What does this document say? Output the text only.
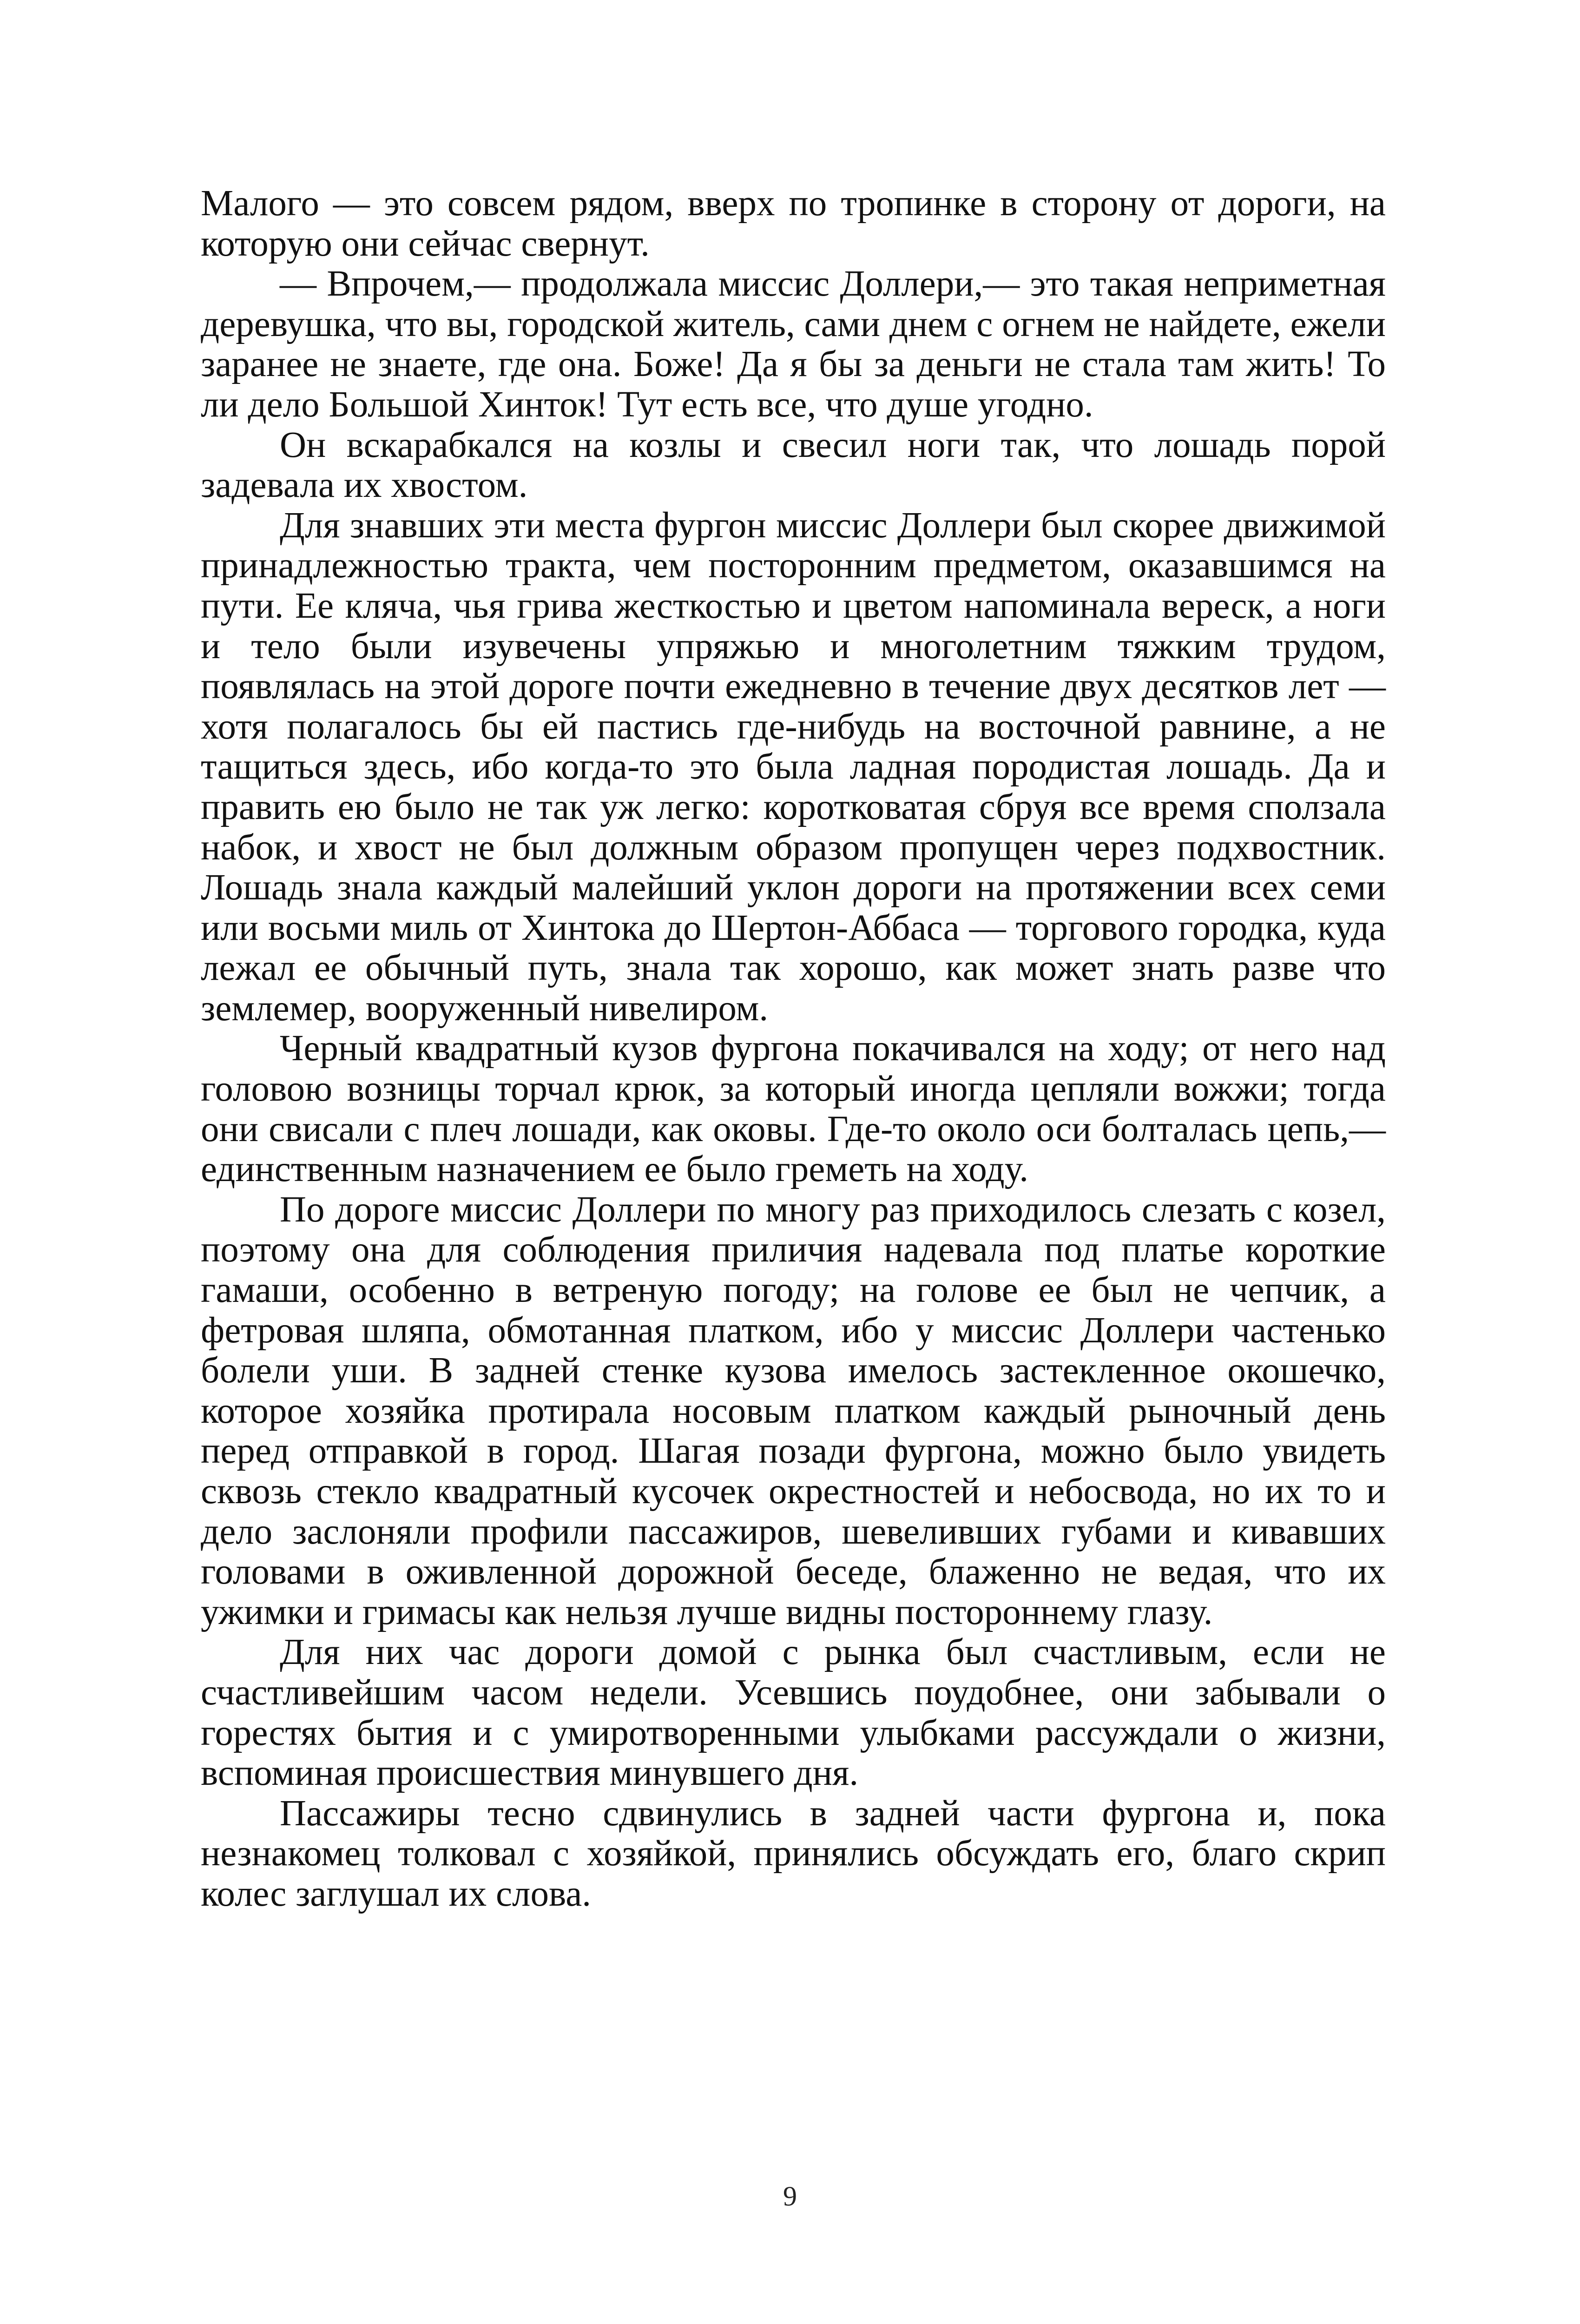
Малого — это совсем рядом, вверх по тропинке в сторону от дороги, на которую они сейчас свернут.

— Впрочем,— продолжала миссис Доллери,— это такая неприметная деревушка, что вы, городской житель, сами днем с огнем не найдете, ежели заранее не знаете, где она. Боже! Да я бы за деньги не стала там жить! То ли дело Большой Хинток! Тут есть все, что душе угодно.

Он вскарабкался на козлы и свесил ноги так, что лошадь порой задевала их хвостом.

Для знавших эти места фургон миссис Доллери был скорее движимой принадлежностью тракта, чем посторонним предметом, оказавшимся на пути. Ее кляча, чья грива жесткостью и цветом напоминала вереск, а ноги и тело были изувечены упряжью и многолетним тяжким трудом, появлялась на этой дороге почти ежедневно в течение двух десятков лет — хотя полагалось бы ей пастись где-нибудь на восточной равнине, а не тащиться здесь, ибо когда-то это была ладная породистая лошадь. Да и править ею было не так уж легко: коротковатая сбруя все время сползала набок, и хвост не был должным образом пропущен через подхвостник. Лошадь знала каждый малейший уклон дороги на протяжении всех семи или восьми миль от Хинтока до Шертон-Аббаса — торгового городка, куда лежал ее обычный путь, знала так хорошо, как может знать разве что землемер, вооруженный нивелиром.

Черный квадратный кузов фургона покачивался на ходу; от него над головою возницы торчал крюк, за который иногда цепляли вожжи; тогда они свисали с плеч лошади, как оковы. Где-то около оси болталась цепь,— единственным назначением ее было греметь на ходу.

По дороге миссис Доллери по многу раз приходилось слезать с козел, поэтому она для соблюдения приличия надевала под платье короткие гамаши, особенно в ветреную погоду; на голове ее был не чепчик, а фетровая шляпа, обмотанная платком, ибо у миссис Доллери частенько болели уши. В задней стенке кузова имелось застекленное окошечко, которое хозяйка протирала носовым платком каждый рыночный день перед отправкой в город. Шагая позади фургона, можно было увидеть сквозь стекло квадратный кусочек окрестностей и небосвода, но их то и дело заслоняли профили пассажиров, шевеливших губами и кивавших головами в оживленной дорожной беседе, блаженно не ведая, что их ужимки и гримасы как нельзя лучше видны постороннему глазу.

Для них час дороги домой с рынка был счастливым, если не счастливейшим часом недели. Усевшись поудобнее, они забывали о горестях бытия и с умиротворенными улыбками рассуждали о жизни, вспоминая происшествия минувшего дня.

Пассажиры тесно сдвинулись в задней части фургона и, пока незнакомец толковал с хозяйкой, принялись обсуждать его, благо скрип колес заглушал их слова.

9
